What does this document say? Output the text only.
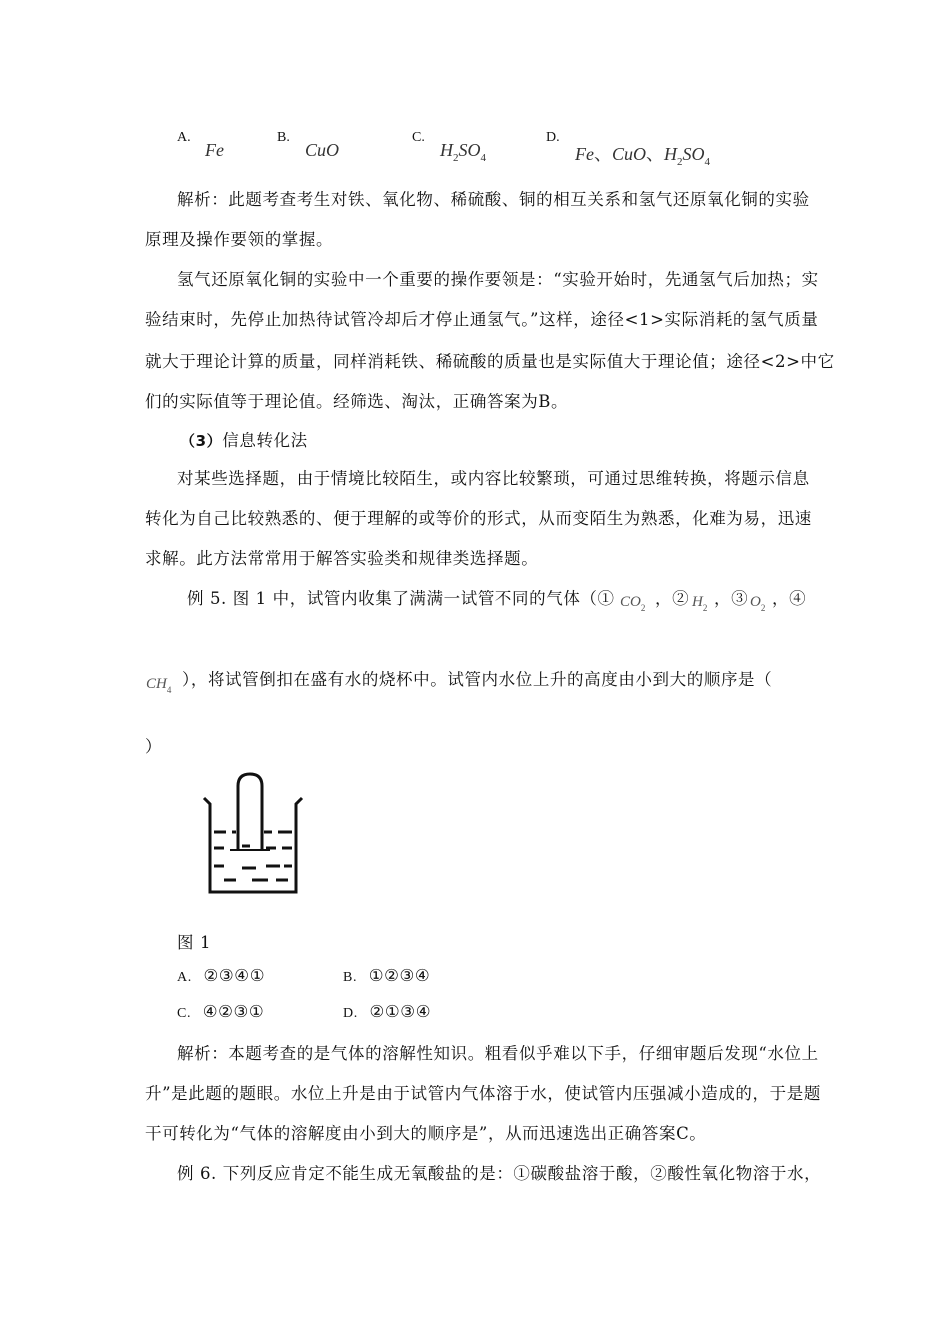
A.
Fe
B.
CuO
C.
$H_2SO_4$
D.
Fe、CuO、$H_2SO_4$
解析：此题考查考生对铁、氧化物、稀硫酸、铜的相互关系和氢气还原氧化铜的实验
原理及操作要领的掌握。
氢气还原氧化铜的实验中一个重要的操作要领是：“实验开始时，先通氢气后加热；实
验结束时，先停止加热待试管冷却后才停止通氢气。”这样，途径<1>实际消耗的氢气质量
就大于理论计算的质量，同样消耗铁、稀硫酸的质量也是实际值大于理论值；途径<2>中它
们的实际值等于理论值。经筛选、淘汰，正确答案为B。
（3）信息转化法
对某些选择题，由于情境比较陌生，或内容比较繁琐，可通过思维转换，将题示信息
转化为自己比较熟悉的、便于理解的或等价的形式，从而变陌生为熟悉，化难为易，迅速
求解。此方法常常用于解答实验类和规律类选择题。
例 5. 图 1 中，试管内收集了满满一试管不同的气体（① $CO_2$ ，② $H_2$ ，③ $O_2$ ，④
$CH_4$
），将试管倒扣在盛有水的烧杯中。试管内水位上升的高度由小到大的顺序是（
）
图 1
A. ②③④①	B. ①②③④
C. ④②③①	D. ②①③④
解析：本题考查的是气体的溶解性知识。粗看似乎难以下手，仔细审题后发现“水位上
升”是此题的题眼。水位上升是由于试管内气体溶于水，使试管内压强减小造成的，于是题
干可转化为“气体的溶解度由小到大的顺序是”，从而迅速选出正确答案C。
例 6. 下列反应肯定不能生成无氧酸盐的是：①碳酸盐溶于酸，②酸性氧化物溶于水，
